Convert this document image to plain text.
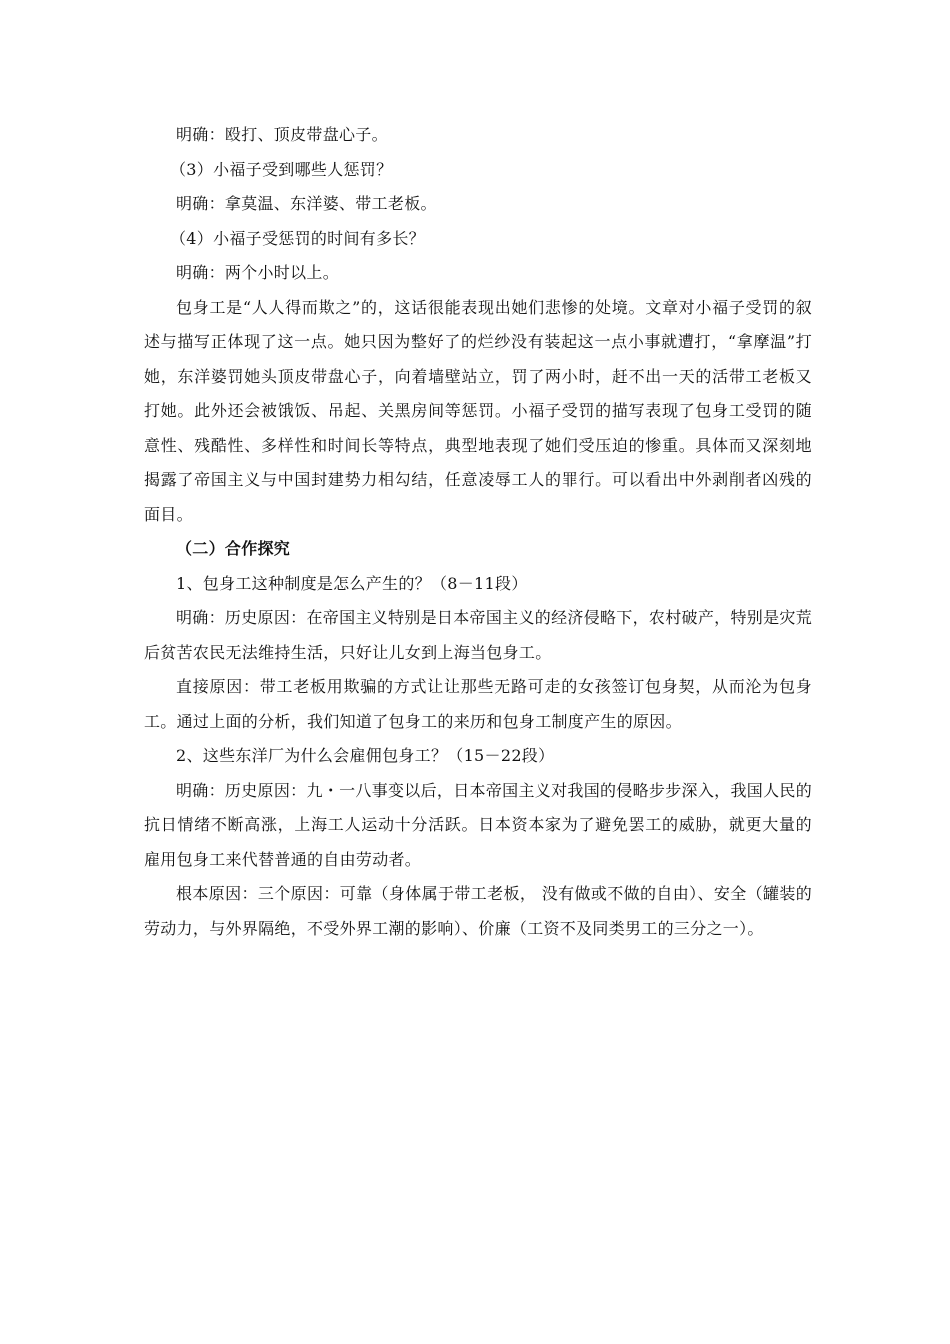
明确：殴打、顶皮带盘心子。

（3）小福子受到哪些人惩罚？

明确：拿莫温、东洋婆、带工老板。

（4）小福子受惩罚的时间有多长？

明确：两个小时以上。

包身工是“人人得而欺之”的，这话很能表现出她们悲惨的处境。文章对小福子受罚的叙述与描写正体现了这一点。她只因为整好了的烂纱没有装起这一点小事就遭打，“拿摩温”打她，东洋婆罚她头顶皮带盘心子，向着墙壁站立，罚了两小时，赶不出一天的活带工老板又打她。此外还会被饿饭、吊起、关黑房间等惩罚。小福子受罚的描写表现了包身工受罚的随意性、残酷性、多样性和时间长等特点，典型地表现了她们受压迫的惨重。具体而又深刻地揭露了帝国主义与中国封建势力相勾结，任意凌辱工人的罪行。可以看出中外剥削者凶残的面目。

（二）合作探究

1、包身工这种制度是怎么产生的？（8－11段）

明确：历史原因：在帝国主义特别是日本帝国主义的经济侵略下，农村破产，特别是灾荒后贫苦农民无法维持生活，只好让儿女到上海当包身工。

直接原因：带工老板用欺骗的方式让让那些无路可走的女孩签订包身契，从而沦为包身工。通过上面的分析，我们知道了包身工的来历和包身工制度产生的原因。

2、这些东洋厂为什么会雇佣包身工？（15－22段）

明确：历史原因：九・一八事变以后，日本帝国主义对我国的侵略步步深入，我国人民的抗日情绪不断高涨，上海工人运动十分活跃。日本资本家为了避免罢工的威胁，就更大量的雇用包身工来代替普通的自由劳动者。

根本原因：三个原因：可靠（身体属于带工老板， 没有做或不做的自由）、安全（罐装的劳动力，与外界隔绝，不受外界工潮的影响）、价廉（工资不及同类男工的三分之一）。
